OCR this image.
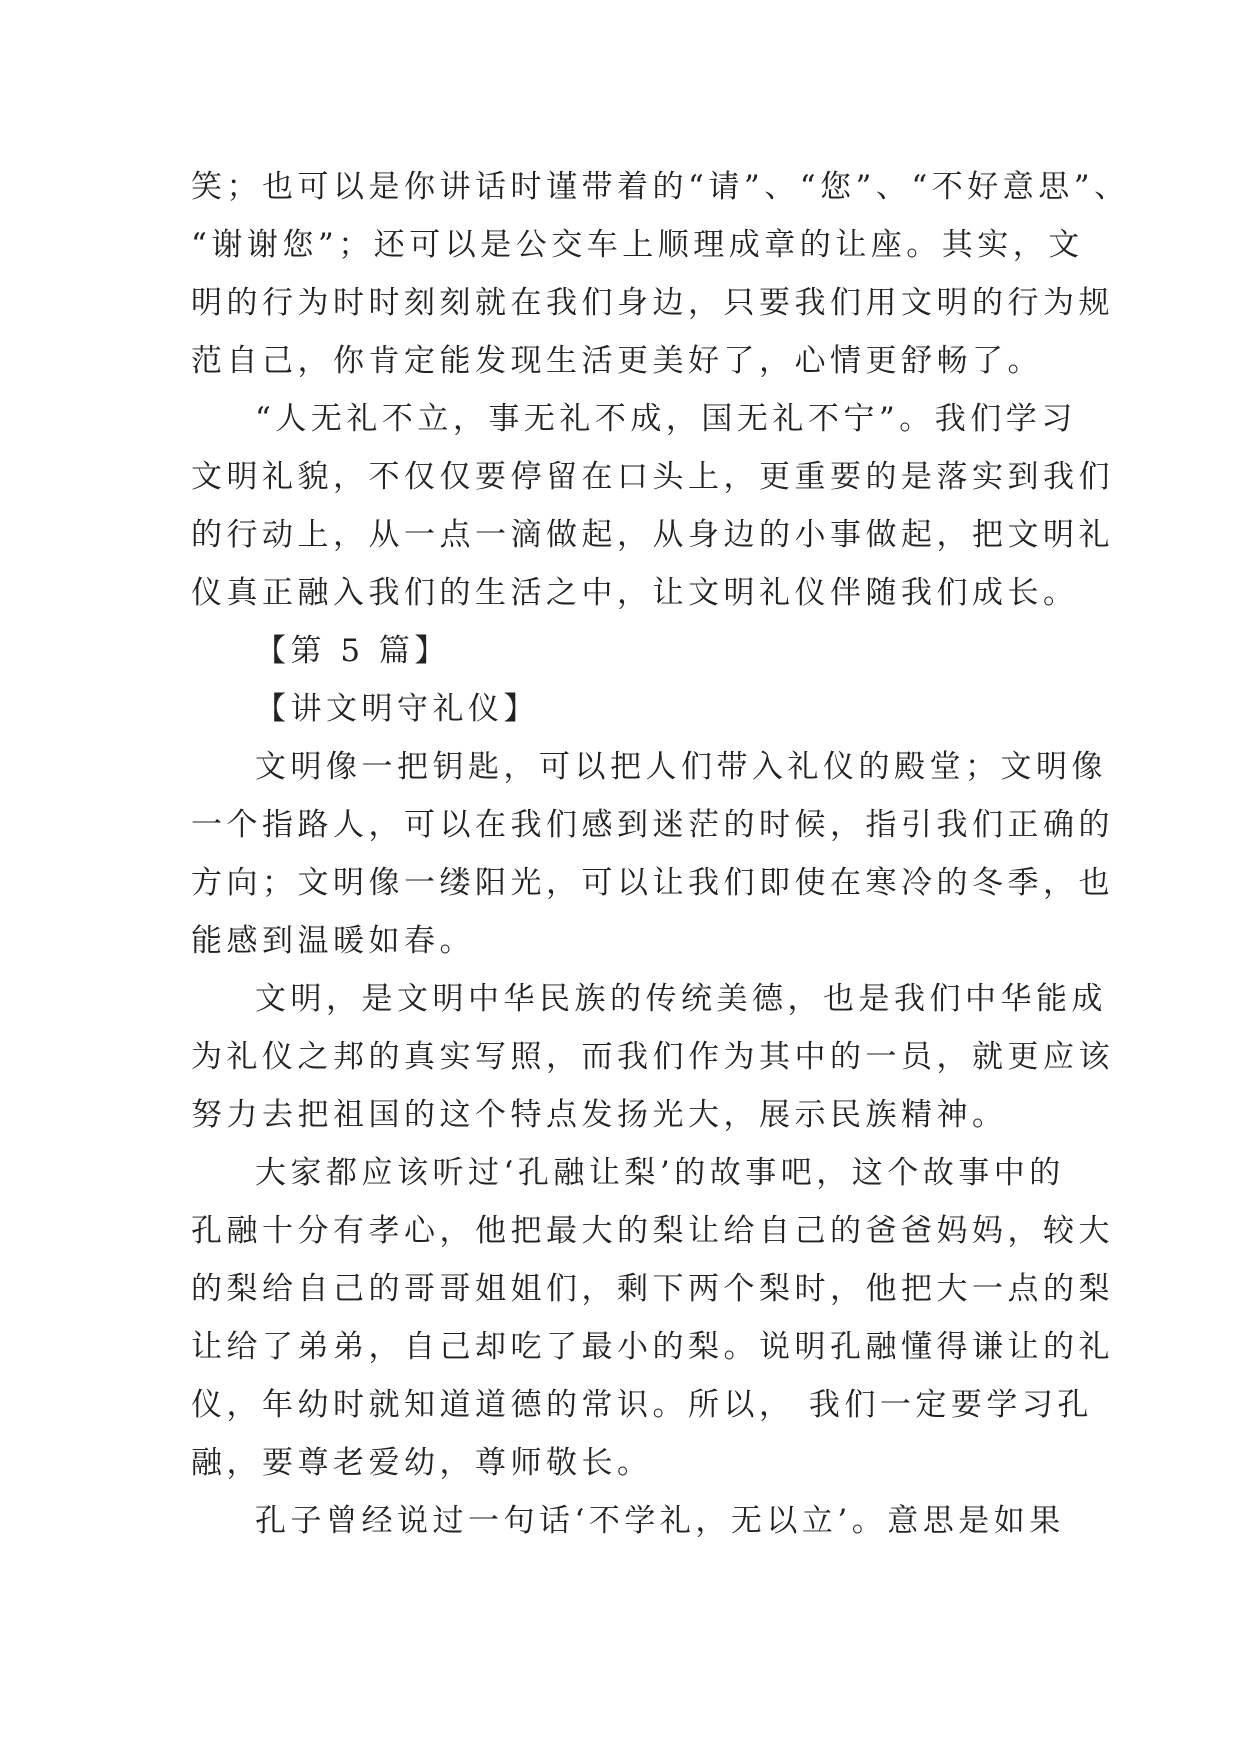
笑；也可以是你讲话时谨带着的“请”、“您”、“不好意思”、
“谢谢您”；还可以是公交车上顺理成章的让座。其实，文
明的行为时时刻刻就在我们身边，只要我们用文明的行为规
范自己，你肯定能发现生活更美好了，心情更舒畅了。
“人无礼不立，事无礼不成，国无礼不宁”。我们学习
文明礼貌，不仅仅要停留在口头上，更重要的是落实到我们
的行动上，从一点一滴做起，从身边的小事做起，把文明礼
仪真正融入我们的生活之中，让文明礼仪伴随我们成长。
【第 5 篇】
【讲文明守礼仪】
文明像一把钥匙，可以把人们带入礼仪的殿堂；文明像
一个指路人，可以在我们感到迷茫的时候，指引我们正确的
方向；文明像一缕阳光，可以让我们即使在寒冷的冬季，也
能感到温暖如春。
文明，是文明中华民族的传统美德，也是我们中华能成
为礼仪之邦的真实写照，而我们作为其中的一员，就更应该
努力去把祖国的这个特点发扬光大，展示民族精神。
大家都应该听过‘孔融让梨’的故事吧，这个故事中的
孔融十分有孝心，他把最大的梨让给自己的爸爸妈妈，较大
的梨给自己的哥哥姐姐们，剩下两个梨时，他把大一点的梨
让给了弟弟，自己却吃了最小的梨。说明孔融懂得谦让的礼
仪，年幼时就知道道德的常识。所以， 我们一定要学习孔
融，要尊老爱幼，尊师敬长。
孔子曾经说过一句话‘不学礼，无以立’。意思是如果
